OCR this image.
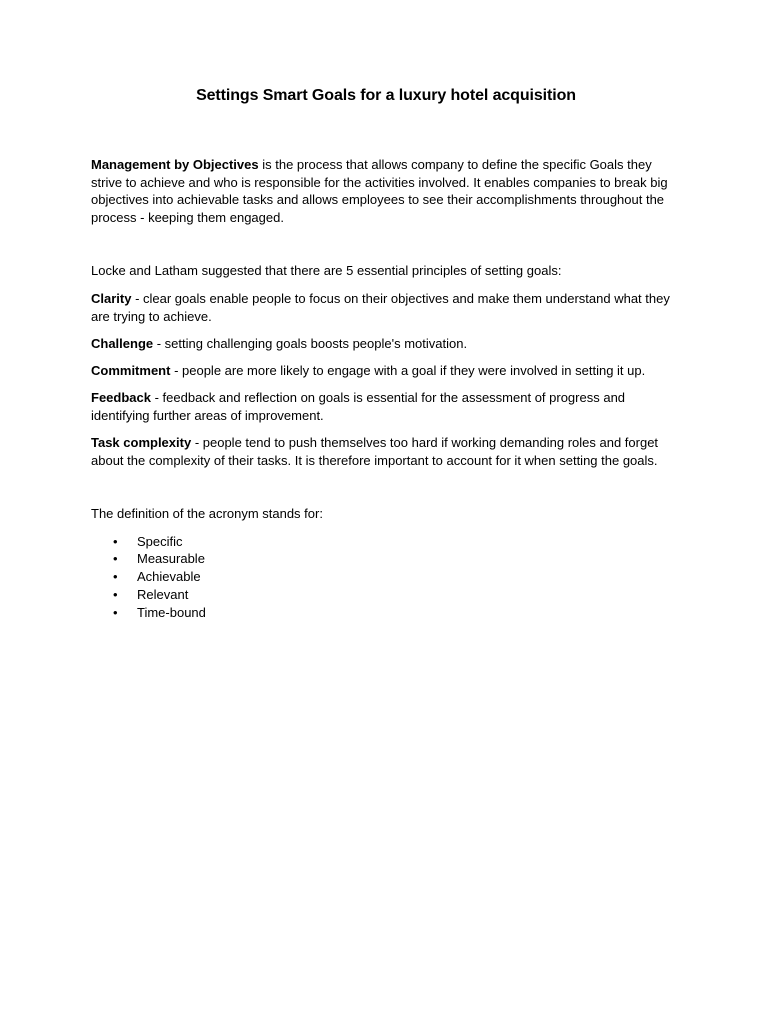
Settings Smart Goals for a luxury hotel acquisition

Management by Objectives is the process that allows company to define the specific Goals they strive to achieve and who is responsible for the activities involved. It enables companies to break big objectives into achievable tasks and allows employees to see their accomplishments throughout the process - keeping them engaged.

Locke and Latham suggested that there are 5 essential principles of setting goals:

Clarity - clear goals enable people to focus on their objectives and make them understand what they are trying to achieve.

Challenge - setting challenging goals boosts people's motivation.

Commitment - people are more likely to engage with a goal if they were involved in setting it up.

Feedback - feedback and reflection on goals is essential for the assessment of progress and identifying further areas of improvement.

Task complexity - people tend to push themselves too hard if working demanding roles and forget about the complexity of their tasks. It is therefore important to account for it when setting the goals.

The definition of the acronym stands for:

• Specific
• Measurable
• Achievable
• Relevant
• Time-bound
